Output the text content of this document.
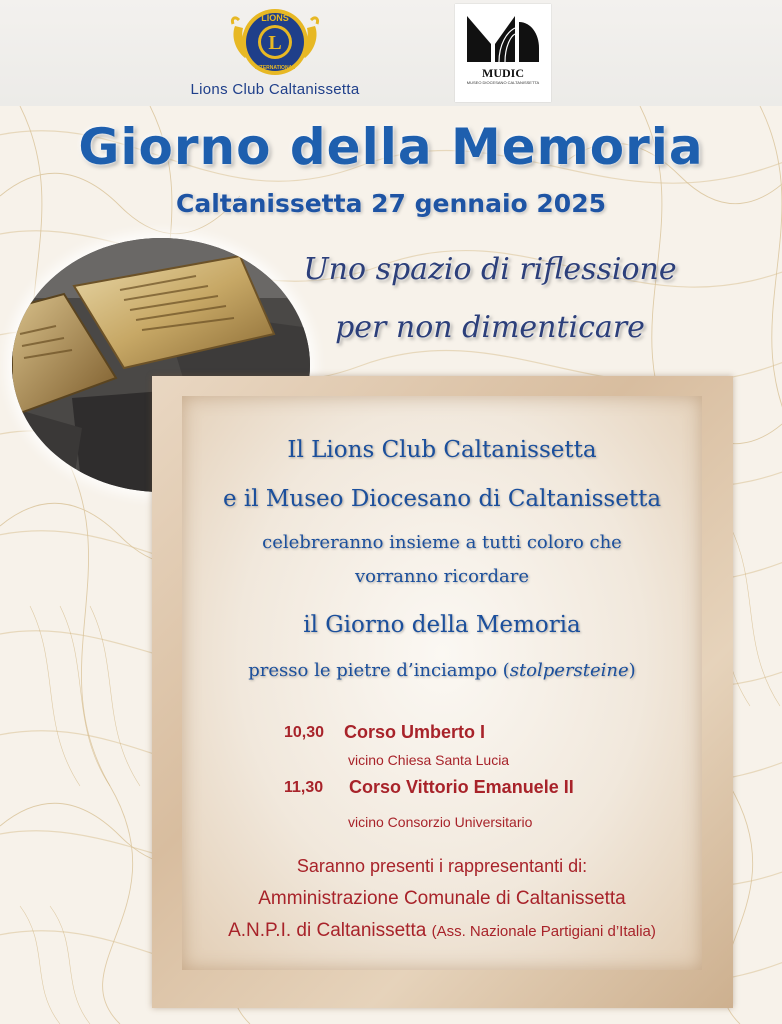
L
LIONS
INTERNATIONAL
Lions Club Caltanissetta
MUDIC
MUSEO DIOCESANO CALTANISSETTA
Giorno della Memoria
Caltanissetta 27 gennaio 2025
Uno spazio di riflessione
per non dimenticare
Il Lions Club Caltanissetta
e il Museo Diocesano di Caltanissetta
celebreranno insieme a tutti coloro che
vorranno ricordare
il Giorno della Memoria
presso le pietre d’inciampo (stolpersteine)
10,30 Corso Umberto I
vicino Chiesa Santa Lucia
11,30 Corso Vittorio Emanuele II
vicino Consorzio Universitario
Saranno presenti i rappresentanti di:
Amministrazione Comunale di Caltanissetta
A.N.P.I. di Caltanissetta (Ass. Nazionale Partigiani d’Italia)
